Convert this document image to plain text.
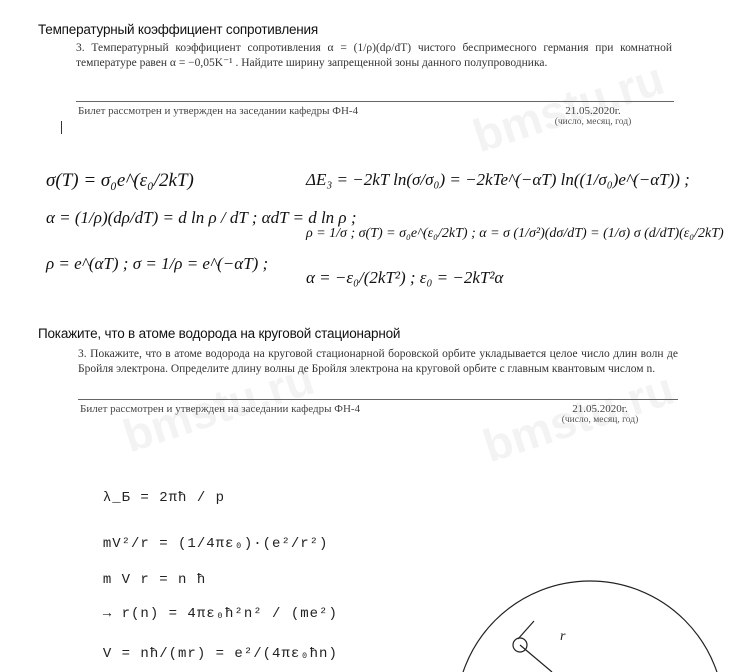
Температурный коэффициент сопротивления
3. Температурный коэффициент сопротивления α = (1/ρ)(dρ/dT) чистого беспримесного германия при комнатной температуре равен α = −0,05K⁻¹ . Найдите ширину запрещенной зоны данного полупроводника.
Билет рассмотрен и утвержден на заседании кафедры ФН-4	21.05.2020г.
(число, месяц, год)
σ(T) = σ₀e^(ε₀/2kT)
α = (1/ρ)(dρ/dT) = d ln ρ / dT ; αdT = d ln ρ ;
ρ = e^(αT) ; σ = 1/ρ = e^(−αT) ;
ΔE₃ = −2kT ln(σ/σ₀) = −2kTe^(−αT) ln((1/σ₀)e^(−αT)) ;
ρ = 1/σ ; σ(T) = σ₀e^(ε₀/2kT) ; α = σ (1/σ²)(dσ/dT) = (1/σ) σ (d/dT)(ε₀/2kT)
α = −ε₀/(2kT²) ; ε₀ = −2kT²α
Покажите, что в атоме водорода на круговой стационарной
3. Покажите, что в атоме водорода на круговой стационарной боровской орбите укладывается целое число длин волн де Бройля электрона. Определите длину волны де Бройля электрона на круговой орбите с главным квантовым числом n.
Билет рассмотрен и утвержден на заседании кафедры ФН-4	21.05.2020г.
(число, месяц, год)

λ_Б = 2πħ / p

mV²/r = (1/4πε₀)·(e²/r²)

m V r = n ħ

→ r(n) = 4πε₀ħ²n² / (me²)

V = nħ/(mr) = e²/(4πε₀ħn)

r
